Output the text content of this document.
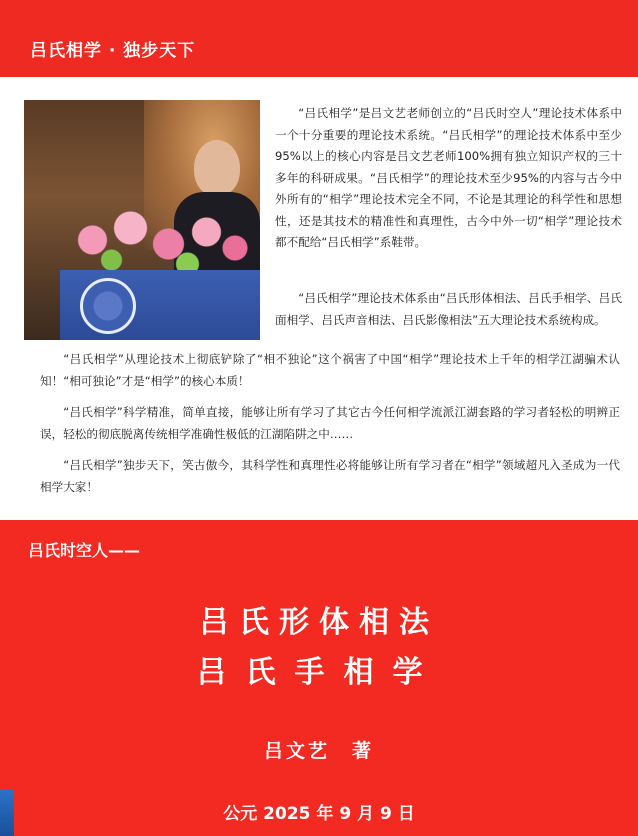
吕氏相学 · 独步天下

“吕氏相学”是吕文艺老师创立的“吕氏时空人”理论技术体系中一个十分重要的理论技术系统。“吕氏相学”的理论技术体系中至少95%以上的核心内容是吕文艺老师100%拥有独立知识产权的三十多年的科研成果。“吕氏相学”的理论技术至少95%的内容与古今中外所有的“相学”理论技术完全不同，不论是其理论的科学性和思想性，还是其技术的精准性和真理性，古今中外一切“相学”理论技术都不配给“吕氏相学”系鞋带。

“吕氏相学”理论技术体系由“吕氏形体相法、吕氏手相学、吕氏面相学、吕氏声音相法、吕氏影像相法”五大理论技术系统构成。

“吕氏相学”从理论技术上彻底铲除了“相不独论”这个祸害了中国“相学”理论技术上千年的相学江湖骗术认知！“相可独论”才是“相学”的核心本质！

“吕氏相学”科学精准，简单直接，能够让所有学习了其它古今任何相学流派江湖套路的学习者轻松的明辨正误，轻松的彻底脱离传统相学准确性极低的江湖陷阱之中……

“吕氏相学”独步天下，笑古傲今，其科学性和真理性必将能够让所有学习者在“相学”领域超凡入圣成为一代相学大家！

吕氏时空人——
吕氏形体相法
吕氏手相学
吕文艺　著
公元 2025 年 9 月 9 日
